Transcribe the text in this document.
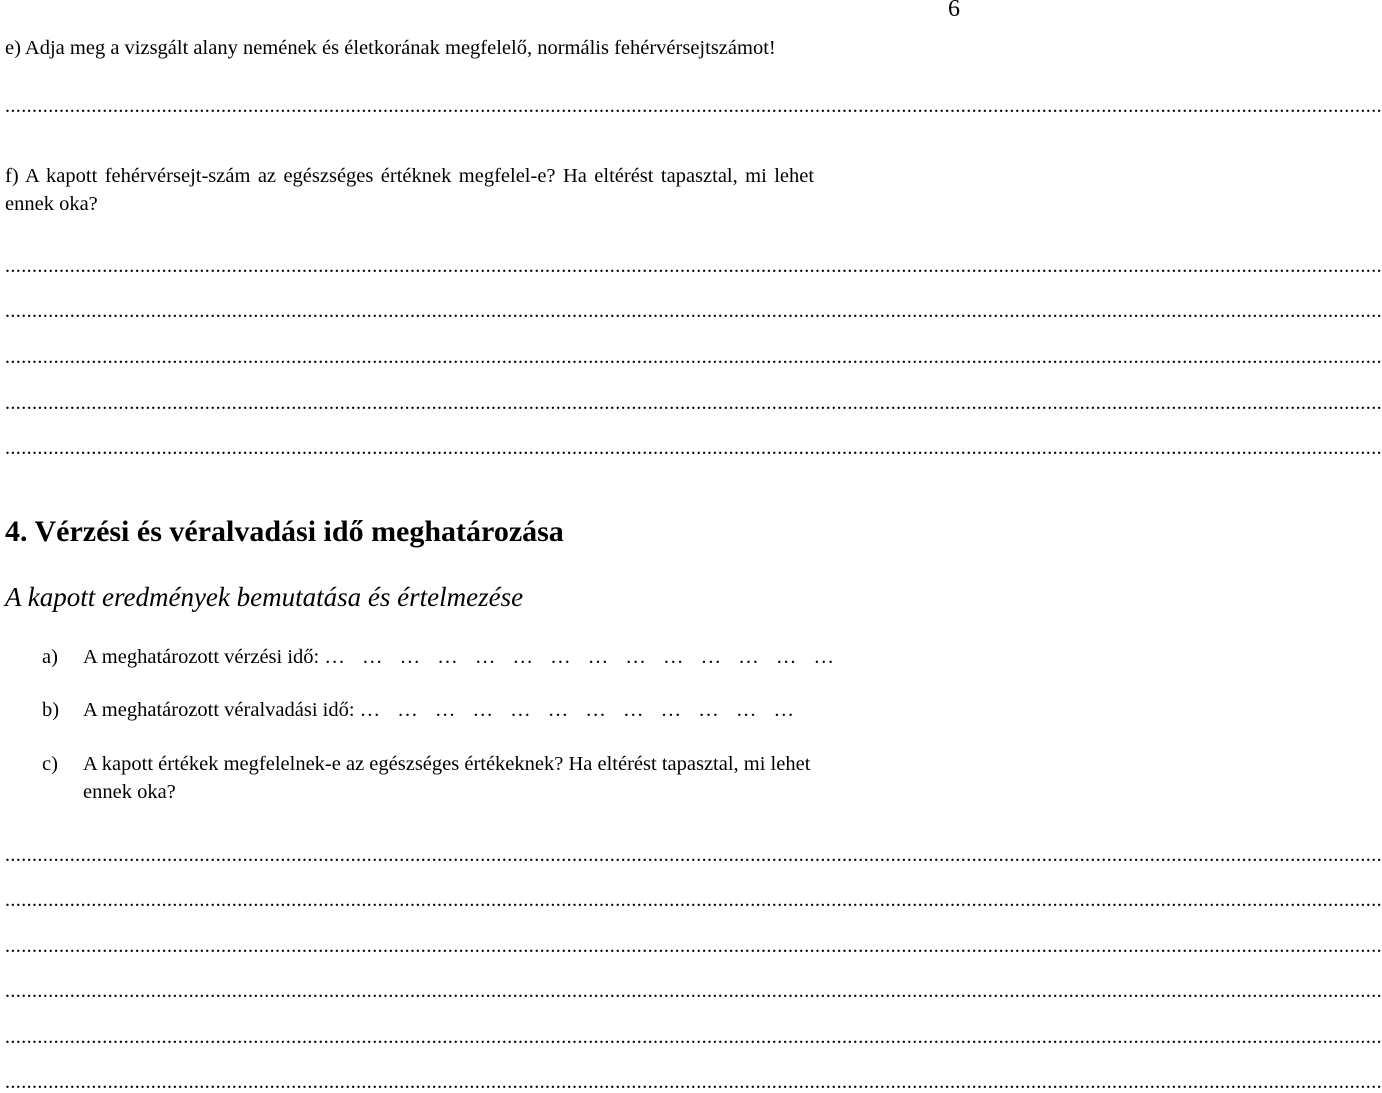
6
e) Adja meg a vizsgált alany nemének és életkorának megfelelő, normális fehérvérsejtszámot!
...............................................................................................................................................................................................................................................................
f) A kapott fehérvérsejt-szám az egészséges értéknek megfelel-e? Ha eltérést tapasztal, mi lehet
ennek oka?
...............................................................................................................................................................................................................................................................
...............................................................................................................................................................................................................................................................
...............................................................................................................................................................................................................................................................
...............................................................................................................................................................................................................................................................
...............................................................................................................................................................................................................................................................
4. Vérzési és véralvadási idő meghatározása
A kapott eredmények bemutatása és értelmezése
a) A meghatározott vérzési idő: … … … … … … … … … … … … … …
b) A meghatározott véralvadási idő: … … … … … … … … … … … …
c) A kapott értékek megfelelnek-e az egészséges értékeknek? Ha eltérést tapasztal, mi lehet
ennek oka?
...............................................................................................................................................................................................................................................................
...............................................................................................................................................................................................................................................................
...............................................................................................................................................................................................................................................................
...............................................................................................................................................................................................................................................................
...............................................................................................................................................................................................................................................................
...............................................................................................................................................................................................................................................................
